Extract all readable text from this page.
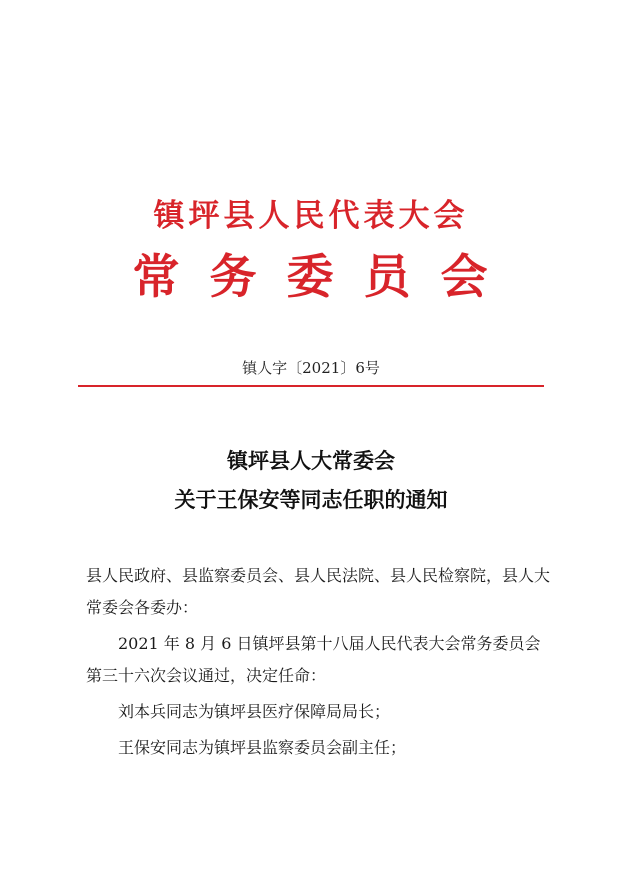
镇坪县人民代表大会
常务委员会
镇人字〔2021〕6号
镇坪县人大常委会
关于王保安等同志任职的通知
县人民政府、县监察委员会、县人民法院、县人民检察院，县人大常委会各委办：
2021 年 8 月 6 日镇坪县第十八届人民代表大会常务委员会第三十六次会议通过，决定任命：
刘本兵同志为镇坪县医疗保障局局长；
王保安同志为镇坪县监察委员会副主任；
